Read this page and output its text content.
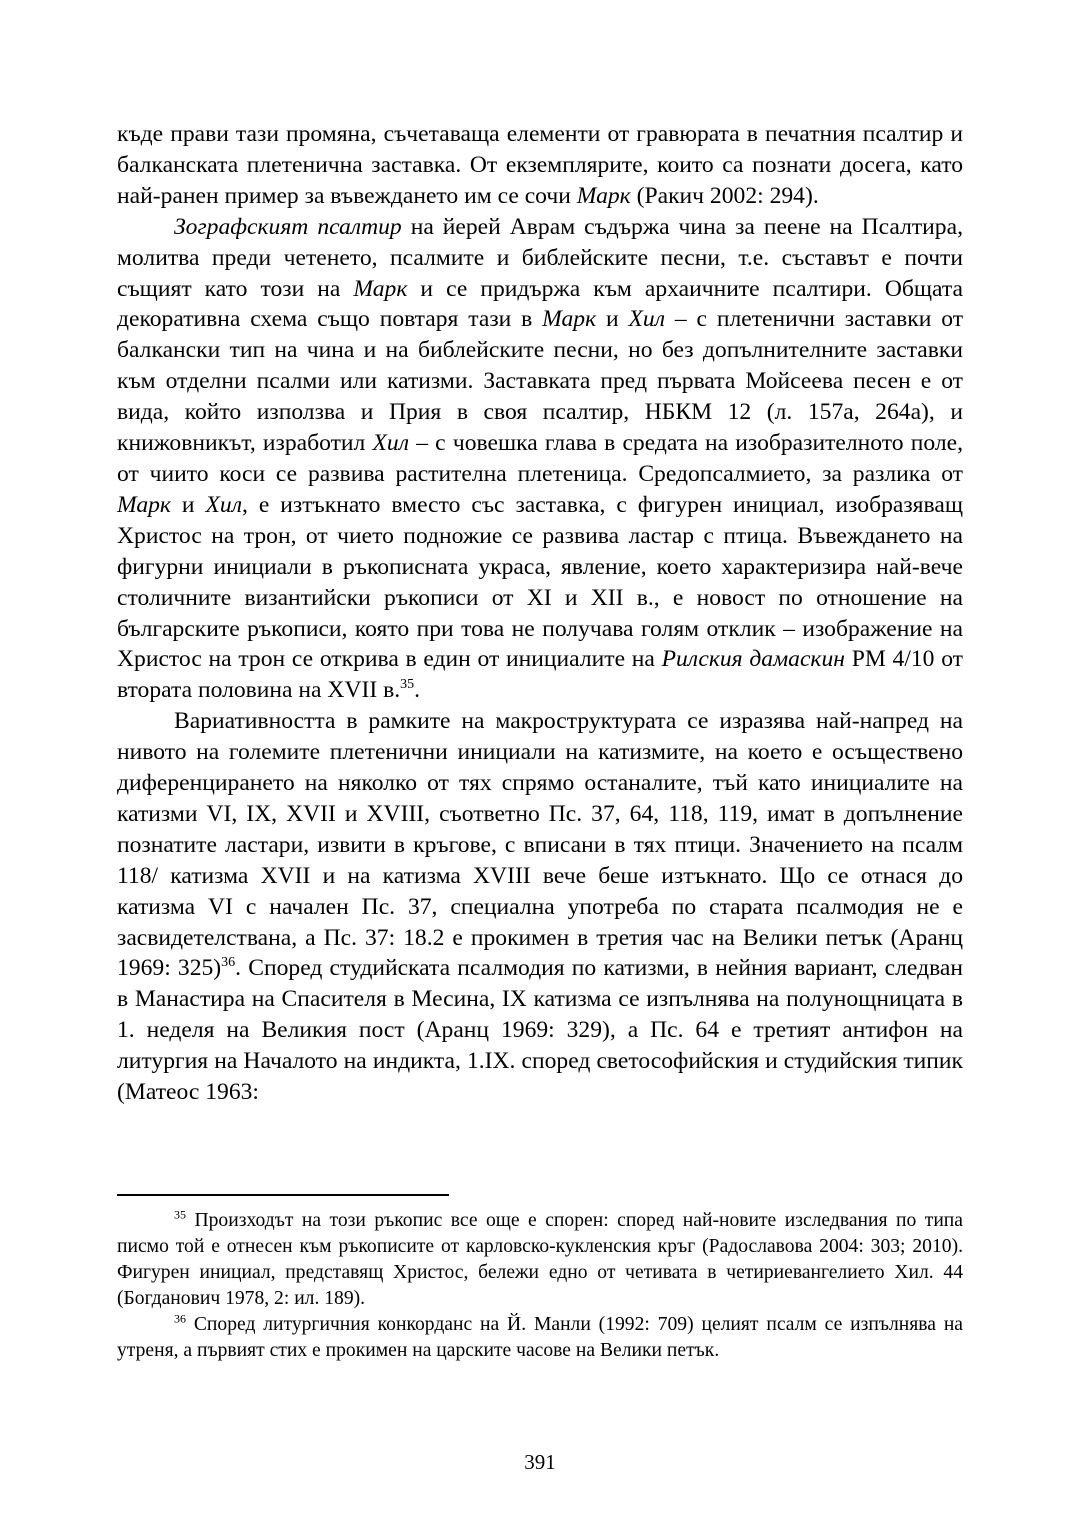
къде прави тази промяна, съчетаваща елементи от гравюрата в печатния псалтир и балканската плетенична заставка. От екземплярите, които са познати досега, като най-ранен пример за въвеждането им се сочи Марк (Ракич 2002: 294).

Зографският псалтир на йерей Аврам съдържа чина за пеене на Псалтира, молитва преди четенето, псалмите и библейските песни, т.е. съставът е почти същият като този на Марк и се придържа към архаичните псалтири. Общата декоративна схема също повтаря тази в Марк и Хил – с плетенични заставки от балкански тип на чина и на библейските песни, но без допълнителните заставки към отделни псалми или катизми. Заставката пред първата Мойсеева песен е от вида, който използва и Прия в своя псалтир, НБКМ 12 (л. 157а, 264а), и книжовникът, изработил Хил – с човешка глава в средата на изобразителното поле, от чиито коси се развива растителна плетеница. Средопсалмието, за разлика от Марк и Хил, е изтъкнато вместо със заставка, с фигурен инициал, изобразяващ Христос на трон, от чието подножие се развива ластар с птица. Въвеждането на фигурни инициали в ръкописната украса, явление, което характеризира най-вече столичните византийски ръкописи от XI и XII в., е новост по отношение на българските ръкописи, която при това не получава голям отклик – изображение на Христос на трон се открива в един от инициалите на Рилския дамаскин РМ 4/10 от втората половина на XVII в.$^{35}$.

Вариативността в рамките на макроструктурата се изразява най-напред на нивото на големите плетенични инициали на катизмите, на което е осъществено диференцирането на няколко от тях спрямо останалите, тъй като инициалите на катизми VI, IX, XVII и XVIII, съответно Пс. 37, 64, 118, 119, имат в допълнение познатите ластари, извити в кръгове, с вписани в тях птици. Значението на псалм 118/ катизма XVII и на катизма XVIII вече беше изтъкнато. Що се отнася до катизма VI с начален Пс. 37, специална употреба по старата псалмодия не е засвидетелствана, а Пс. 37: 18.2 е прокимен в третия час на Велики петък (Аранц 1969: 325)$^{36}$. Според студийската псалмодия по катизми, в нейния вариант, следван в Манастира на Спасителя в Месина, IX катизма се изпълнява на полунощницата в 1. неделя на Великия пост (Аранц 1969: 329), а Пс. 64 е третият антифон на литургия на Началото на индикта, 1.IX. според светософийския и студийския типик (Матеос 1963:

$^{35}$ Произходът на този ръкопис все още е спорен: според най-новите изследвания по типа писмо той е отнесен към ръкописите от карловско-кукленския кръг (Радославова 2004: 303; 2010). Фигурен инициал, представящ Христос, бележи едно от четивата в четириевангелието Хил. 44 (Богданович 1978, 2: ил. 189).

$^{36}$ Според литургичния конкорданс на Й. Манли (1992: 709) целият псалм се изпълнява на утреня, а първият стих е прокимен на царските часове на Велики петък.

391
